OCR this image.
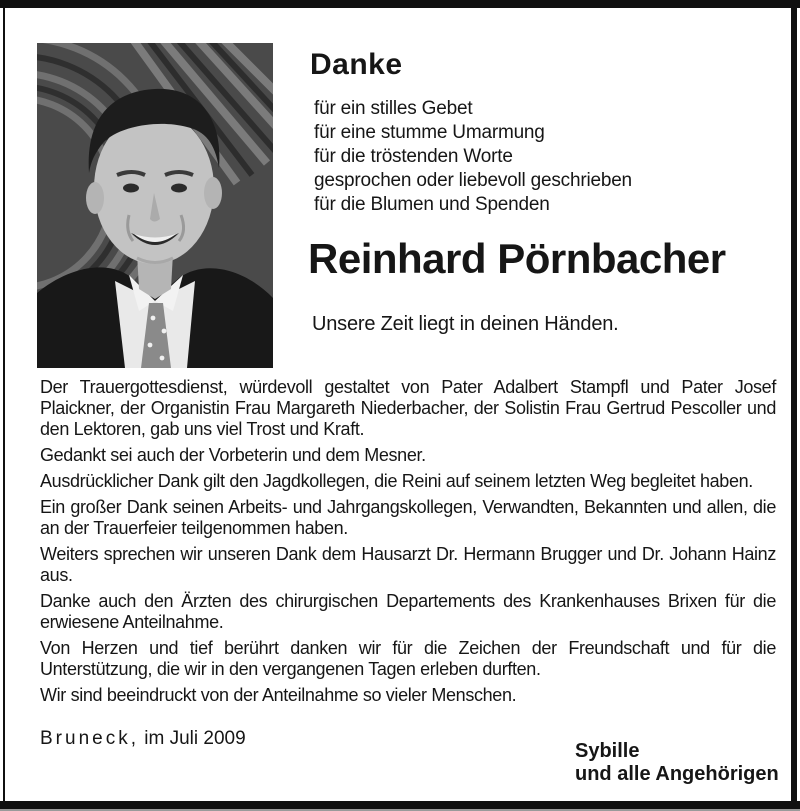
Danke
für ein stilles Gebet
für eine stumme Umarmung
für die tröstenden Worte
gesprochen oder liebevoll geschrieben
für die Blumen und Spenden
Reinhard Pörnbacher
Unsere Zeit liegt in deinen Händen.

Der Trauergottesdienst, würdevoll gestaltet von Pater Adalbert Stampfl und Pater Josef Plaickner, der Organistin Frau Margareth Niederbacher, der Solistin Frau Gertrud Pescoller und den Lektoren, gab uns viel Trost und Kraft.

Gedankt sei auch der Vorbeterin und dem Mesner.

Ausdrücklicher Dank gilt den Jagdkollegen, die Reini auf seinem letzten Weg begleitet haben.

Ein großer Dank seinen Arbeits- und Jahrgangskollegen, Verwandten, Bekannten und allen, die an der Trauerfeier teilgenommen haben.

Weiters sprechen wir unseren Dank dem Hausarzt Dr. Hermann Brugger und Dr. Johann Hainz aus.

Danke auch den Ärzten des chirurgischen Departements des Krankenhauses Brixen für die erwiesene Anteilnahme.

Von Herzen und tief berührt danken wir für die Zeichen der Freundschaft und für die Unterstützung, die wir in den vergangenen Tagen erleben durften.

Wir sind beeindruckt von der Anteilnahme so vieler Menschen.

Bruneck, im Juli 2009
Sybille
und alle Angehörigen
